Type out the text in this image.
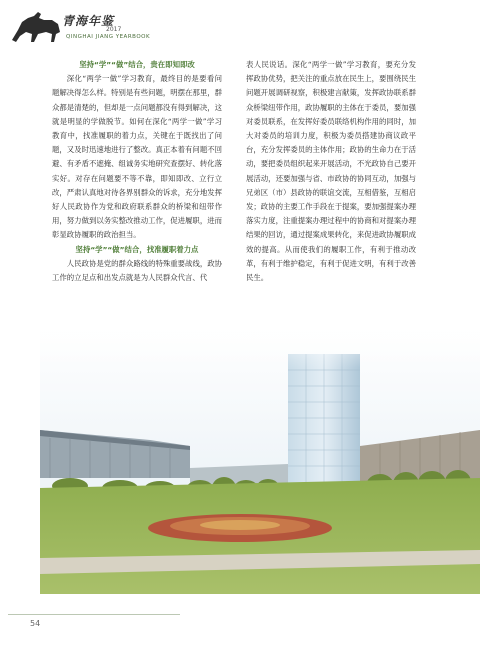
青海年鉴
2017
QINGHAI JIANG YEARBOOK

坚持“学”“做”结合，贵在即知即改

深化“两学一做”学习教育，最终目的是要看问题解决得怎么样。特别是有些问题，明摆在那里，群众都是清楚的，但却是一点问题都没有得到解决，这就是明显的学做脱节。如何在深化“两学一做”学习教育中，找准履职的着力点，关键在于既找出了问题，又及时迅速地进行了整改。真正本着有问题不回避、有矛盾不遮掩、组诚务实地研究查摆好、转化落实好。对存在问题要不等不靠，即知即改、立行立改，严肃认真地对待各界别群众的诉求，充分地发挥好人民政协作为党和政府联系群众的桥梁和纽带作用，努力做到以务实整改推动工作，促进履职，进而彰显政协履职的政治担当。

坚持“学”“做”结合，找准履职着力点

人民政协是党的群众路线的特殊重要战线，政协工作的立足点和出发点就是为人民群众代言、代

表人民说话。深化“两学一做”学习教育，要充分发挥政协优势，把关注的重点放在民生上，要围绕民生问题开展调研视察，积极建言献策，发挥政协联系群众桥梁纽带作用，政协履职的主体在于委员，要加强对委员联系，在发挥好委员联络机构作用的同时，加大对委员的培训力度，积极为委员搭建协商议政平台，充分发挥委员的主体作用；政协的生命力在于活动，要把委员组织起来开展活动，不光政协自己要开展活动，还要加强与省、市政协的协同互动，加强与兄弟区（市）县政协的联谊交流，互相借鉴，互相启发；政协的主要工作手段在于提案，要加强提案办理落实力度，注重提案办理过程中的协商和对提案办理结果的回访，通过提案成果转化，来促进政协履职成效的提高。从而使我们的履职工作，有利于推动改革，有利于维护稳定，有利于促进文明，有利于改善民生。

54
